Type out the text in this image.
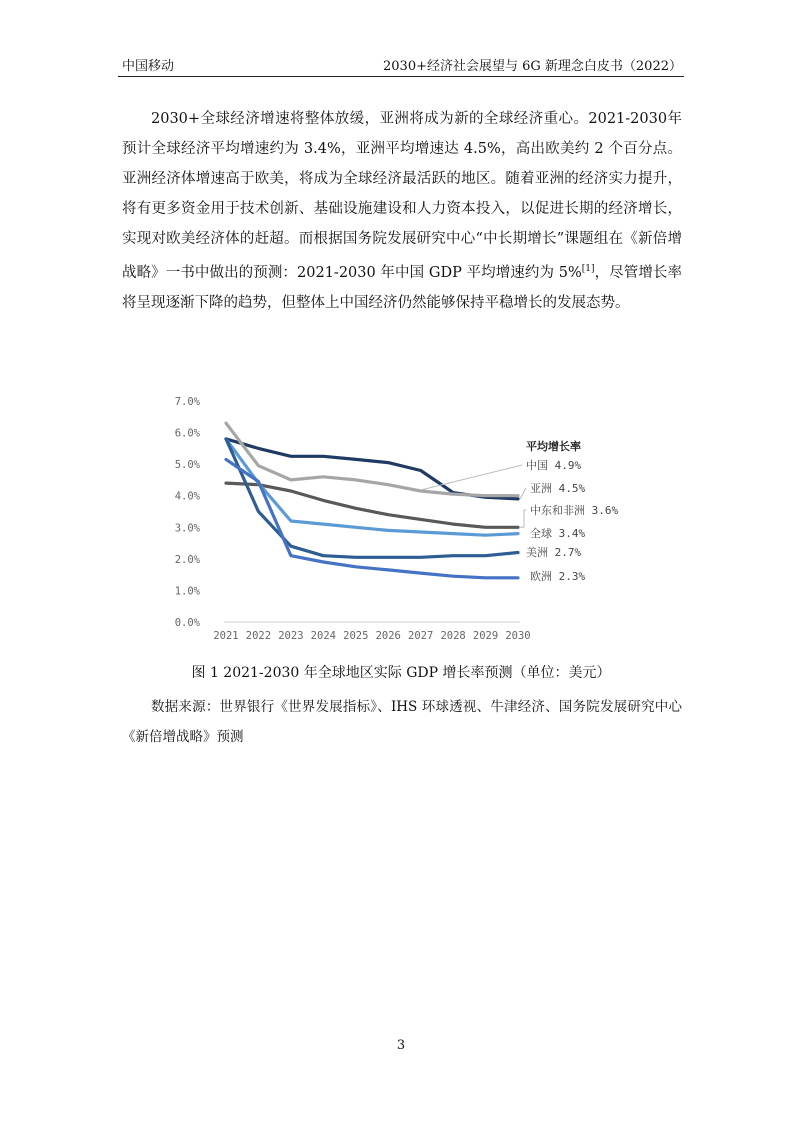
中国移动	2030+经济社会展望与 6G 新理念白皮书（2022）

2030+全球经济增速将整体放缓，亚洲将成为新的全球经济重心。2021-2030年预计全球经济平均增速约为 3.4%，亚洲平均增速达 4.5%，高出欧美约 2 个百分点。亚洲经济体增速高于欧美，将成为全球经济最活跃的地区。随着亚洲的经济实力提升，将有更多资金用于技术创新、基础设施建设和人力资本投入，以促进长期的经济增长，实现对欧美经济体的赶超。而根据国务院发展研究中心“中长期增长”课题组在《新倍增战略》一书中做出的预测：2021-2030 年中国 GDP 平均增速约为 5%[1]，尽管增长率将呈现逐渐下降的趋势，但整体上中国经济仍然能够保持平稳增长的发展态势。

0.0%
1.0%
2.0%
3.0%
4.0%
5.0%
6.0%
7.0%
2021 2022 2023 2024 2025 2026 2027 2028 2029 2030
平均增长率
中国 4.9%
亚洲 4.5%
中东和非洲 3.6%
全球 3.4%
美洲 2.7%
欧洲 2.3%
图 1 2021-2030 年全球地区实际 GDP 增长率预测（单位：美元）
数据来源：世界银行《世界发展指标》、IHS 环球透视、牛津经济、国务院发展研究中心《新倍增战略》预测
3
